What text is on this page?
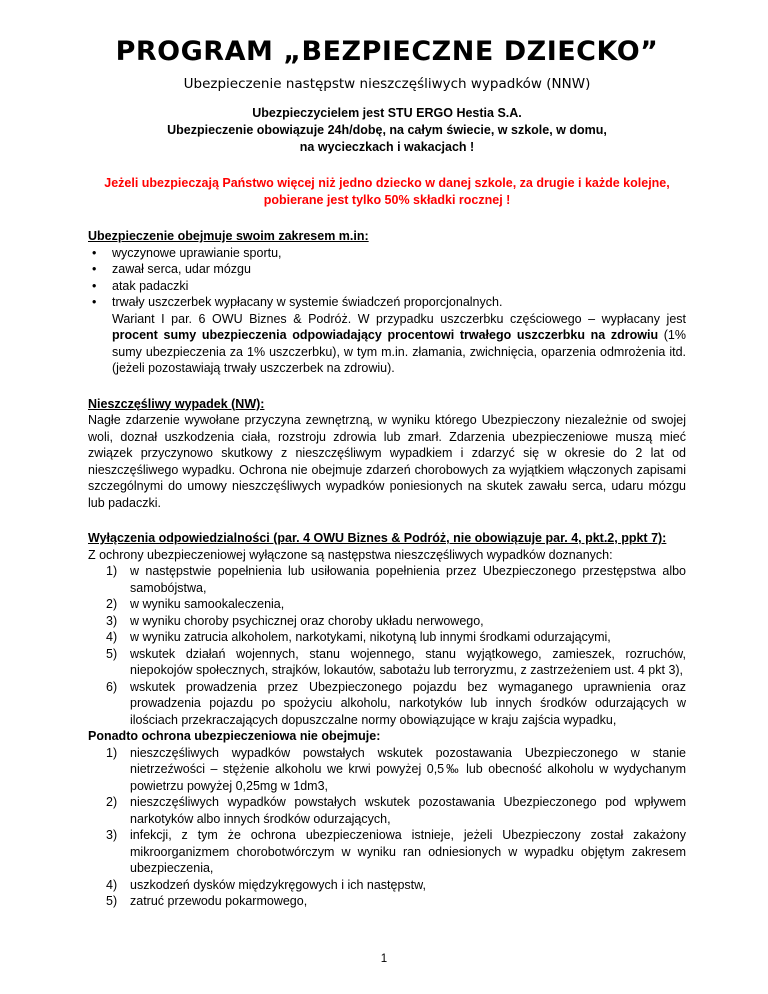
PROGRAM „BEZPIECZNE DZIECKO”

Ubezpieczenie następstw nieszczęśliwych wypadków (NNW)

Ubezpieczycielem jest STU ERGO Hestia S.A.
Ubezpieczenie obowiązuje 24h/dobę, na całym świecie, w szkole, w domu,
na wycieczkach i wakacjach !
Jeżeli ubezpieczają Państwo więcej niż jedno dziecko w danej szkole, za drugie i każde kolejne,
pobierane jest tylko 50% składki rocznej !
Ubezpieczenie obejmuje swoim zakresem m.in:
• wyczynowe uprawianie sportu,
• zawał serca, udar mózgu
• atak padaczki
• trwały uszczerbek wypłacany w systemie świadczeń proporcjonalnych.
Wariant I par. 6 OWU Biznes & Podróż. W przypadku uszczerbku częściowego – wypłacany jest procent sumy ubezpieczenia odpowiadający procentowi trwałego uszczerbku na zdrowiu (1% sumy ubezpieczenia za 1% uszczerbku), w tym m.in. złamania, zwichnięcia, oparzenia odmrożenia itd. (jeżeli pozostawiają trwały uszczerbek na zdrowiu).
Nieszczęśliwy wypadek (NW):
Nagłe zdarzenie wywołane przyczyna zewnętrzną, w wyniku którego Ubezpieczony niezależnie od swojej woli, doznał uszkodzenia ciała, rozstroju zdrowia lub zmarł. Zdarzenia ubezpieczeniowe muszą mieć związek przyczynowo skutkowy z nieszczęśliwym wypadkiem i zdarzyć się w okresie do 2 lat od nieszczęśliwego wypadku. Ochrona nie obejmuje zdarzeń chorobowych za wyjątkiem włączonych zapisami szczególnymi do umowy nieszczęśliwych wypadków poniesionych na skutek zawału serca, udaru mózgu lub padaczki.
Wyłączenia odpowiedzialności (par. 4 OWU Biznes & Podróż, nie obowiązuje par. 4, pkt.2, ppkt 7):
Z ochrony ubezpieczeniowej wyłączone są następstwa nieszczęśliwych wypadków doznanych:
1) w następstwie popełnienia lub usiłowania popełnienia przez Ubezpieczonego przestępstwa albo samobójstwa,
2) w wyniku samookaleczenia,
3) w wyniku choroby psychicznej oraz choroby układu nerwowego,
4) w wyniku zatrucia alkoholem, narkotykami, nikotyną lub innymi środkami odurzającymi,
5) wskutek działań wojennych, stanu wojennego, stanu wyjątkowego, zamieszek, rozruchów, niepokojów społecznych, strajków, lokautów, sabotażu lub terroryzmu, z zastrzeżeniem ust. 4 pkt 3),
6) wskutek prowadzenia przez Ubezpieczonego pojazdu bez wymaganego uprawnienia oraz prowadzenia pojazdu po spożyciu alkoholu, narkotyków lub innych środków odurzających w ilościach przekraczających dopuszczalne normy obowiązujące w kraju zajścia wypadku,
Ponadto ochrona ubezpieczeniowa nie obejmuje:
1) nieszczęśliwych wypadków powstałych wskutek pozostawania Ubezpieczonego w stanie nietrzeźwości – stężenie alkoholu we krwi powyżej 0,5‰ lub obecność alkoholu w wydychanym powietrzu powyżej 0,25mg w 1dm3,
2) nieszczęśliwych wypadków powstałych wskutek pozostawania Ubezpieczonego pod wpływem narkotyków albo innych środków odurzających,
3) infekcji, z tym że ochrona ubezpieczeniowa istnieje, jeżeli Ubezpieczony został zakażony mikroorganizmem chorobotwórczym w wyniku ran odniesionych w wypadku objętym zakresem ubezpieczenia,
4) uszkodzeń dysków międzykręgowych i ich następstw,
5) zatruć przewodu pokarmowego,
1
